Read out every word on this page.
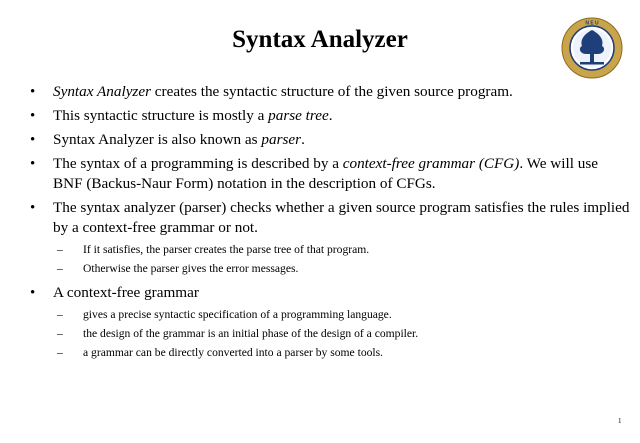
Syntax Analyzer
N E U
• Syntax Analyzer creates the syntactic structure of the given source program.
• This syntactic structure is mostly a parse tree.
• Syntax Analyzer is also known as parser.
• The syntax of a programming is described by a context-free grammar (CFG). We will use BNF (Backus-Naur Form) notation in the description of CFGs.
• The syntax analyzer (parser) checks whether a given source program satisfies the rules implied by a context-free grammar or not.
– If it satisfies, the parser creates the parse tree of that program.
– Otherwise the parser gives the error messages.
• A context-free grammar
– gives a precise syntactic specification of a programming language.
– the design of the grammar is an initial phase of the design of a compiler.
– a grammar can be directly converted into a parser by some tools.
1
